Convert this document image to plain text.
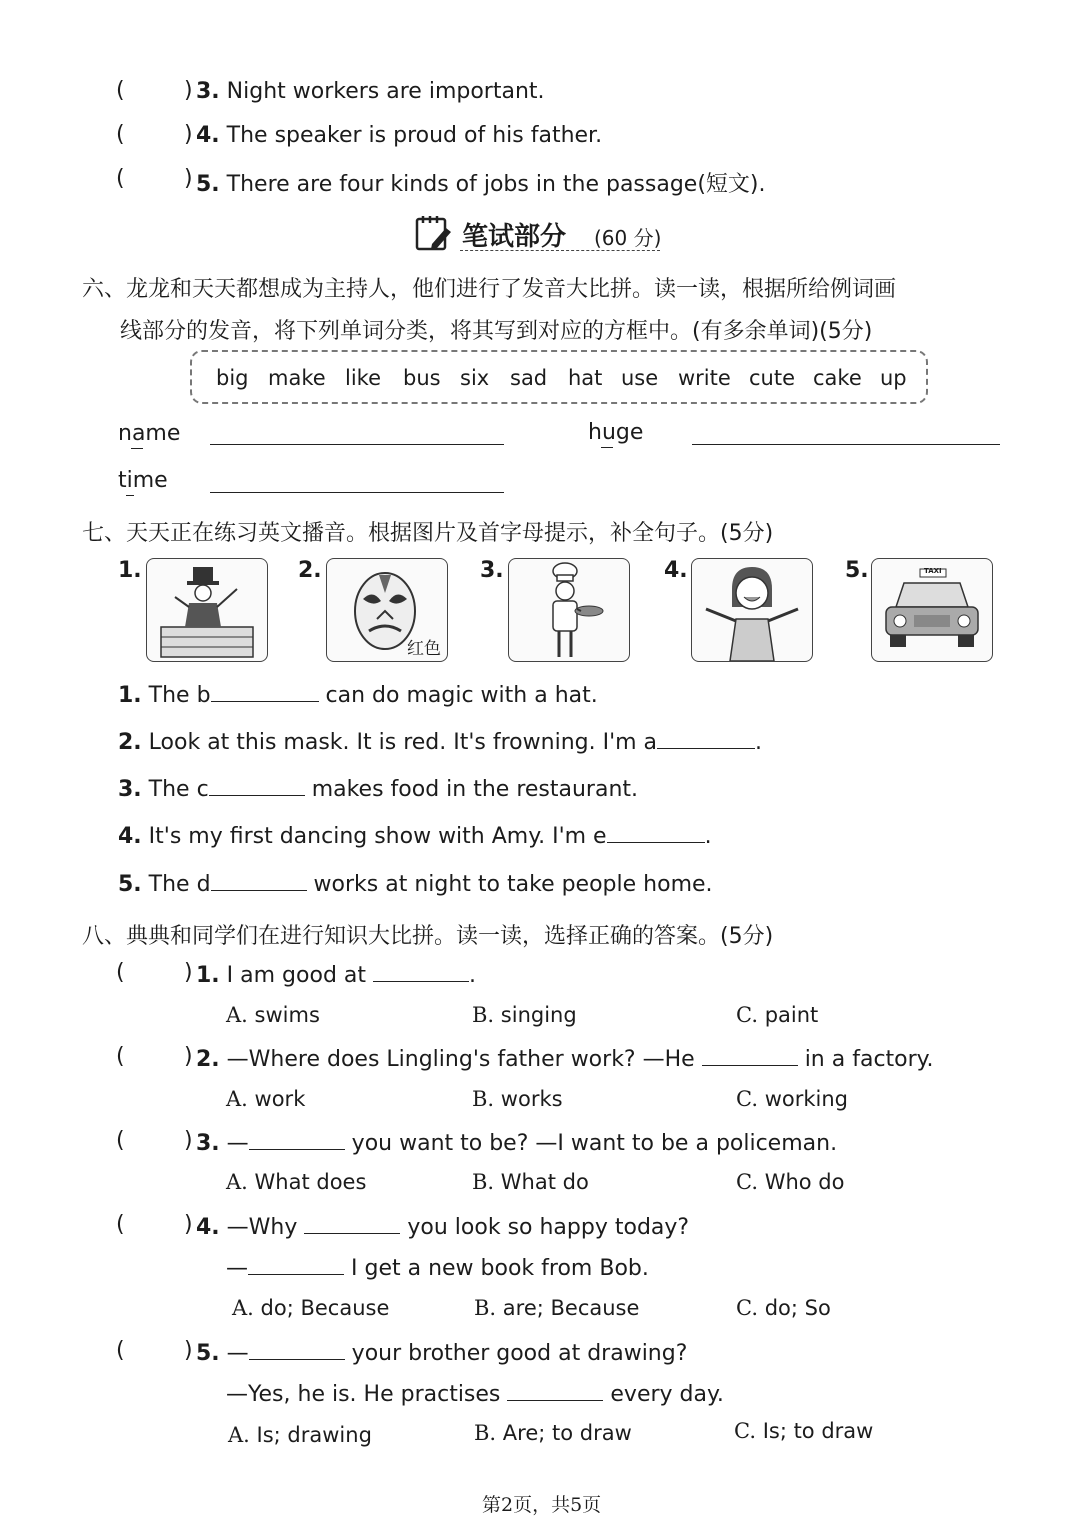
(	) 3. Night workers are important.
(	) 4. The speaker is proud of his father.
(	) 5. There are four kinds of jobs in the passage(短文).
笔试部分 (60 分)
六、龙龙和天天都想成为主持人，他们进行了发音大比拼。读一读，根据所给例词画
线部分的发音，将下列单词分类，将其写到对应的方框中。(有多余单词)(5分)
big make like bus six sad hat use write cute cake up
name	huge
time
七、天天正在练习英文播音。根据图片及首字母提示，补全句子。(5分)
1.	2.
红色
3.	4.	5.	TAXI
1. The b	can do magic with a hat.
2. Look at this mask. It is red. It's frowning. I'm a	.
3. The c	makes food in the restaurant.
4. It's my first dancing show with Amy. I'm e	.
5. The d	works at night to take people home.
八、典典和同学们在进行知识大比拼。读一读，选择正确的答案。(5分)
(	) 1. I am good at	.
A. swims	B. singing	C. paint
(	) 2. —Where does Lingling's father work? —He	in a factory.
A. work	B. works	C. working
(	) 3. —	you want to be? —I want to be a policeman.
A. What does	B. What do	C. Who do
(	) 4. —Why	you look so happy today?
—	I get a new book from Bob.
A. do; Because	B. are; Because	C. do; So
(	) 5. —	your brother good at drawing?
—Yes, he is. He practises	every day.
A. Is; drawing	B. Are; to draw	C. Is; to draw
第2页，共5页
